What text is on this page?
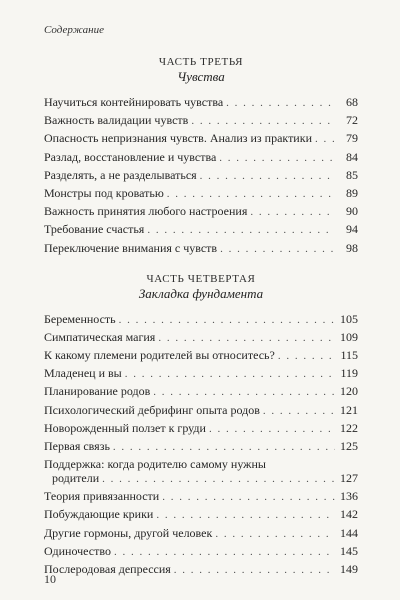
Содержание
ЧАСТЬ ТРЕТЬЯ
Чувства
Научиться контейнировать чувства . . .	68
Важность валидации чувств . . .	72
Опасность непризнания чувств. Анализ из практики . . .	79
Разлад, восстановление и чувства . . .	84
Разделять, а не разделываться . . .	85
Монстры под кроватью . . .	89
Важность принятия любого настроения . . .	90
Требование счастья . . .	94
Переключение внимания с чувств . . .	98
ЧАСТЬ ЧЕТВЕРТАЯ
Закладка фундамента
Беременность . . .	105
Симпатическая магия . . .	109
К какому племени родителей вы относитесь? . . .	115
Младенец и вы . . .	119
Планирование родов . . .	120
Психологический дебрифинг опыта родов . . .	121
Новорожденный ползет к груди . . .	122
Первая связь . . .	125
Поддержка: когда родителю самому нужны
родители . . .	127
Теория привязанности . . .	136
Побуждающие крики . . .	142
Другие гормоны, другой человек . . .	144
Одиночество . . .	145
Послеродовая депрессия . . .	149
10
